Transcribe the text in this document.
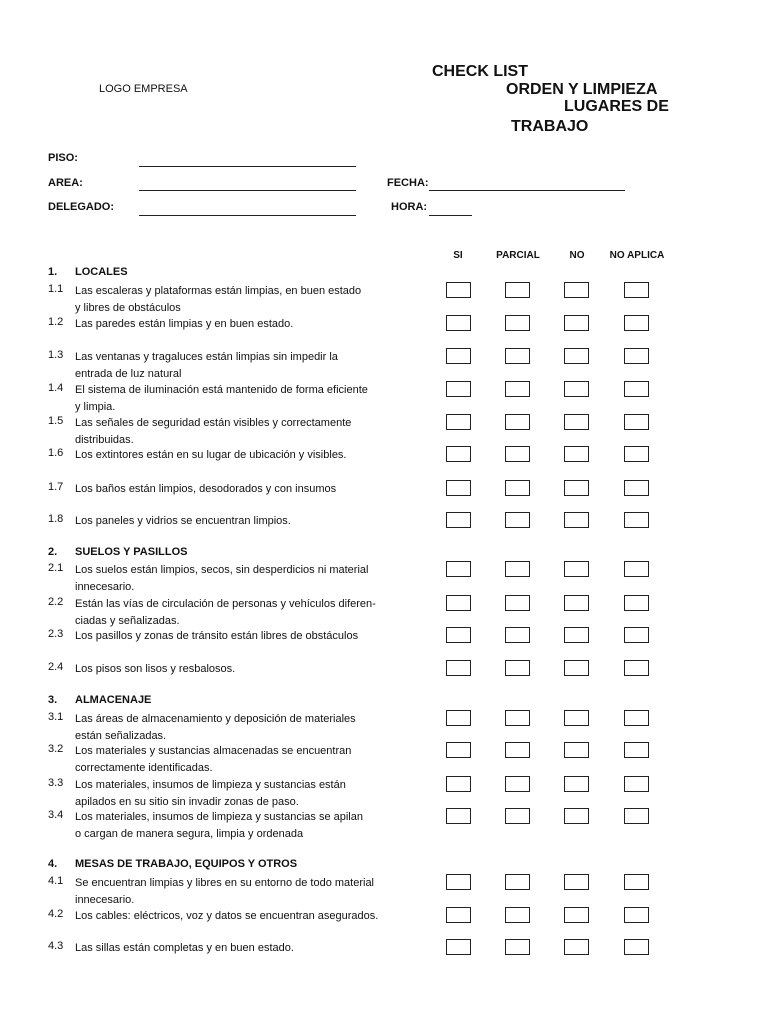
LOGO EMPRESA
CHECK LIST
ORDEN Y LIMPIEZA
LUGARES DE
TRABAJO
PISO:
AREA:	FECHA:
DELEGADO:	HORA:
SI	PARCIAL	NO	NO APLICA
1. LOCALES
1.1 Las escaleras y plataformas están limpias, en buen estado
y libres de obstáculos
1.2 Las paredes están limpias y en buen estado.
1.3 Las ventanas y tragaluces están limpias sin impedir la
entrada de luz natural
1.4 El sistema de iluminación está mantenido de forma eficiente
y limpia.
1.5 Las señales de seguridad están visibles y correctamente
distribuidas.
1.6 Los extintores están en su lugar de ubicación y visibles.
1.7 Los baños están limpios, desodorados y con insumos
1.8 Los paneles y vidrios se encuentran limpios.
2. SUELOS Y PASILLOS
2.1 Los suelos están limpios, secos, sin desperdicios ni material
innecesario.
2.2 Están las vías de circulación de personas y vehículos diferen-
ciadas y señalizadas.
2.3 Los pasillos y zonas de tránsito están libres de obstáculos
2.4 Los pisos son lisos y resbalosos.
3. ALMACENAJE
3.1 Las áreas de almacenamiento y deposición de materiales
están señalizadas.
3.2 Los materiales y sustancias almacenadas se encuentran
correctamente identificadas.
3.3 Los materiales, insumos de limpieza y sustancias están
apilados en su sitio sin invadir zonas de paso.
3.4 Los materiales, insumos de limpieza y sustancias se apilan
o cargan de manera segura, limpia y ordenada
4. MESAS DE TRABAJO, EQUIPOS Y OTROS
4.1 Se encuentran limpias y libres en su entorno de todo material
innecesario.
4.2 Los cables: eléctricos, voz y datos se encuentran asegurados.
4.3 Las sillas están completas y en buen estado.
